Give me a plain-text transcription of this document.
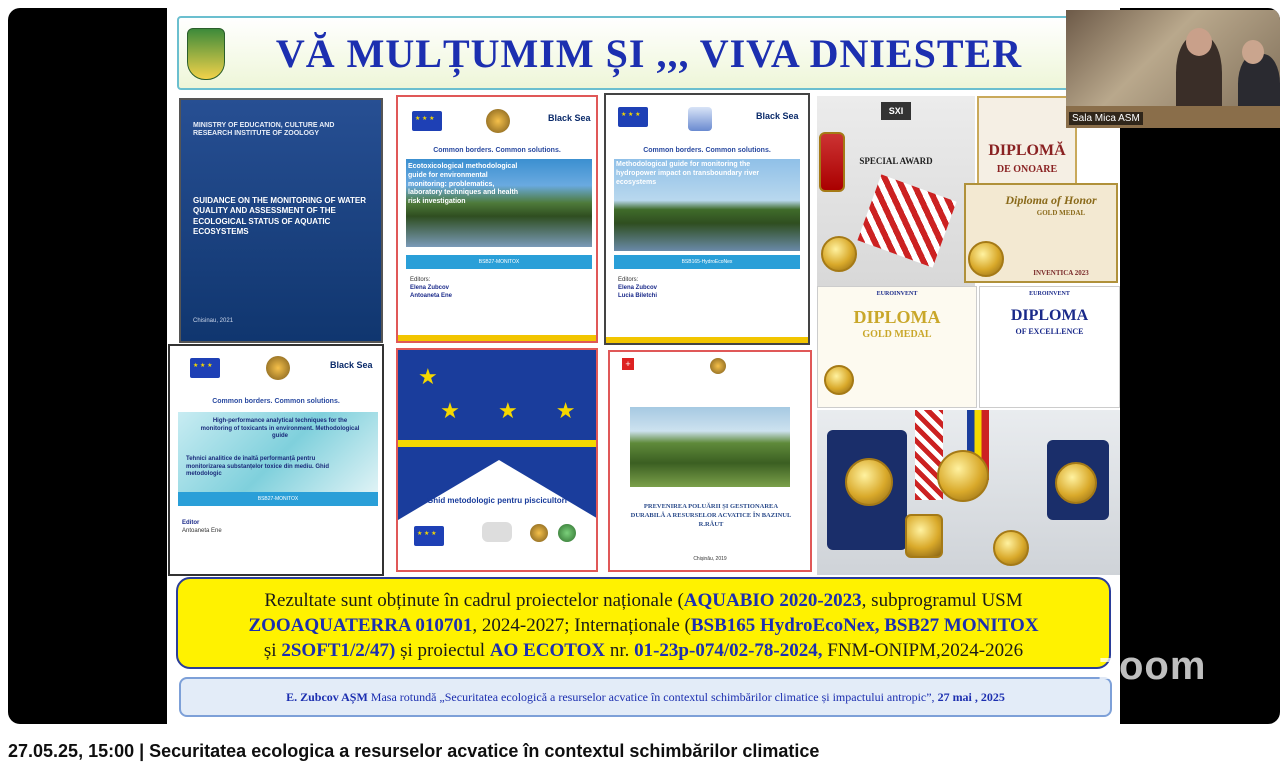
VĂ MULȚUMIM ȘI ,,, VIVA DNIESTER
MINISTRY OF EDUCATION, CULTURE AND RESEARCH INSTITUTE OF ZOOLOGY
GUIDANCE ON THE MONITORING OF WATER QUALITY AND ASSESSMENT OF THE ECOLOGICAL STATUS OF AQUATIC ECOSYSTEMS
Chisinau, 2021
★ ★ ★
Black Sea
Common borders. Common solutions.
Ecotoxicological methodological guide for environmental monitoring: problematics, laboratory techniques and health risk investigation
BSB27-MONITOX
Editors:
Elena Zubcov
Antoaneta Ene
★ ★ ★
Black Sea
Common borders. Common solutions.
Methodological guide for monitoring the hydropower impact on transboundary river ecosystems
BSB165-HydroEcoNex
Editors:
Elena Zubcov
Lucia Biletchi
★ ★ ★
Black Sea
Common borders. Common solutions.
High-performance analytical techniques for the monitoring of toxicants in environment. Methodological guide
Tehnici analitice de înaltă performanță pentru monitorizarea substanțelor toxice din mediu. Ghid metodologic
BSB27-MONITOX
Editor
Antoaneta Ene
★
★ ★ ★
Ghid metodologic pentru piscicultori
★ ★ ★
+
PREVENIREA POLUĂRII ȘI GESTIONAREA DURABILĂ A RESURSELOR ACVATICE ÎN BAZINUL R.RĂUT
Chișinău, 2019
SXI
SPECIAL AWARD
DIPLOMĂ
DE ONOARE
Diploma of Honor
GOLD MEDAL
INVENTICA 2023
EUROINVENT
DIPLOMA
GOLD MEDAL
EUROINVENT
DIPLOMA
OF EXCELLENCE
Rezultate sunt obținute în cadrul proiectelor naționale (AQUABIO 2020-2023, subprogramul USM
ZOOAQUATERRA 010701, 2024-2027; Internaționale (BSB165 HydroEcoNex, BSB27 MONITOX
și 2SOFT1/2/47) și proiectul AO ECOTOX nr. 01-23p-074/02-78-2024, FNM-ONIPM,2024-2026
E. Zubcov AȘM Masa rotundă „Securitatea ecologică a resurselor acvatice în contextul schimbărilor climatice și impactului antropic”, 27 mai , 2025
Sala Mica ASM
zoom
27.05.25, 15:00 | Securitatea ecologica a resurselor acvatice în contextul schimbărilor climatice
